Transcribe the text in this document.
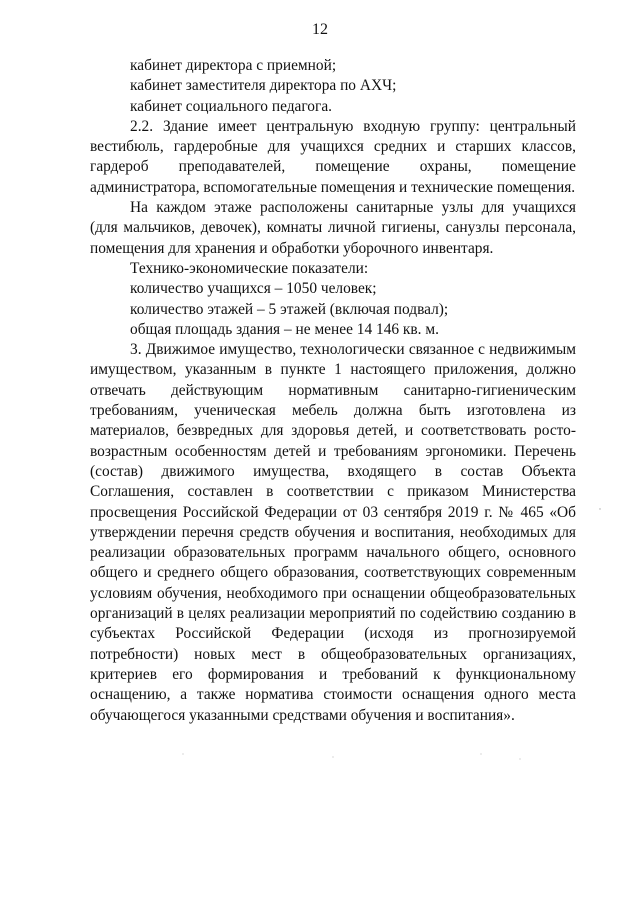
12

кабинет директора с приемной;

кабинет заместителя директора по АХЧ;

кабинет социального педагога.

2.2. Здание имеет центральную входную группу: центральный вестибюль, гардеробные для учащихся средних и старших классов, гардероб преподавателей, помещение охраны, помещение администратора, вспомогательные помещения и технические помещения.

На каждом этаже расположены санитарные узлы для учащихся (для мальчиков, девочек), комнаты личной гигиены, санузлы персонала, помещения для хранения и обработки уборочного инвентаря.

Технико-экономические показатели:

количество учащихся – 1050 человек;

количество этажей – 5 этажей (включая подвал);

общая площадь здания – не менее 14 146 кв. м.

3. Движимое имущество, технологически связанное с недвижимым имуществом, указанным в пункте 1 настоящего приложения, должно отвечать действующим нормативным санитарно-гигиеническим требованиям, ученическая мебель должна быть изготовлена из материалов, безвредных для здоровья детей, и соответствовать росто-возрастным особенностям детей и требованиям эргономики. Перечень (состав) движимого имущества, входящего в состав Объекта Соглашения, составлен в соответствии с приказом Министерства просвещения Российской Федерации от 03 сентября 2019 г. № 465 «Об утверждении перечня средств обучения и воспитания, необходимых для реализации образовательных программ начального общего, основного общего и среднего общего образования, соответствующих современным условиям обучения, необходимого при оснащении общеобразовательных организаций в целях реализации мероприятий по содействию созданию в субъектах Российской Федерации (исходя из прогнозируемой потребности) новых мест в общеобразовательных организациях, критериев его формирования и требований к функциональному оснащению, а также норматива стоимости оснащения одного места обучающегося указанными средствами обучения и воспитания».
